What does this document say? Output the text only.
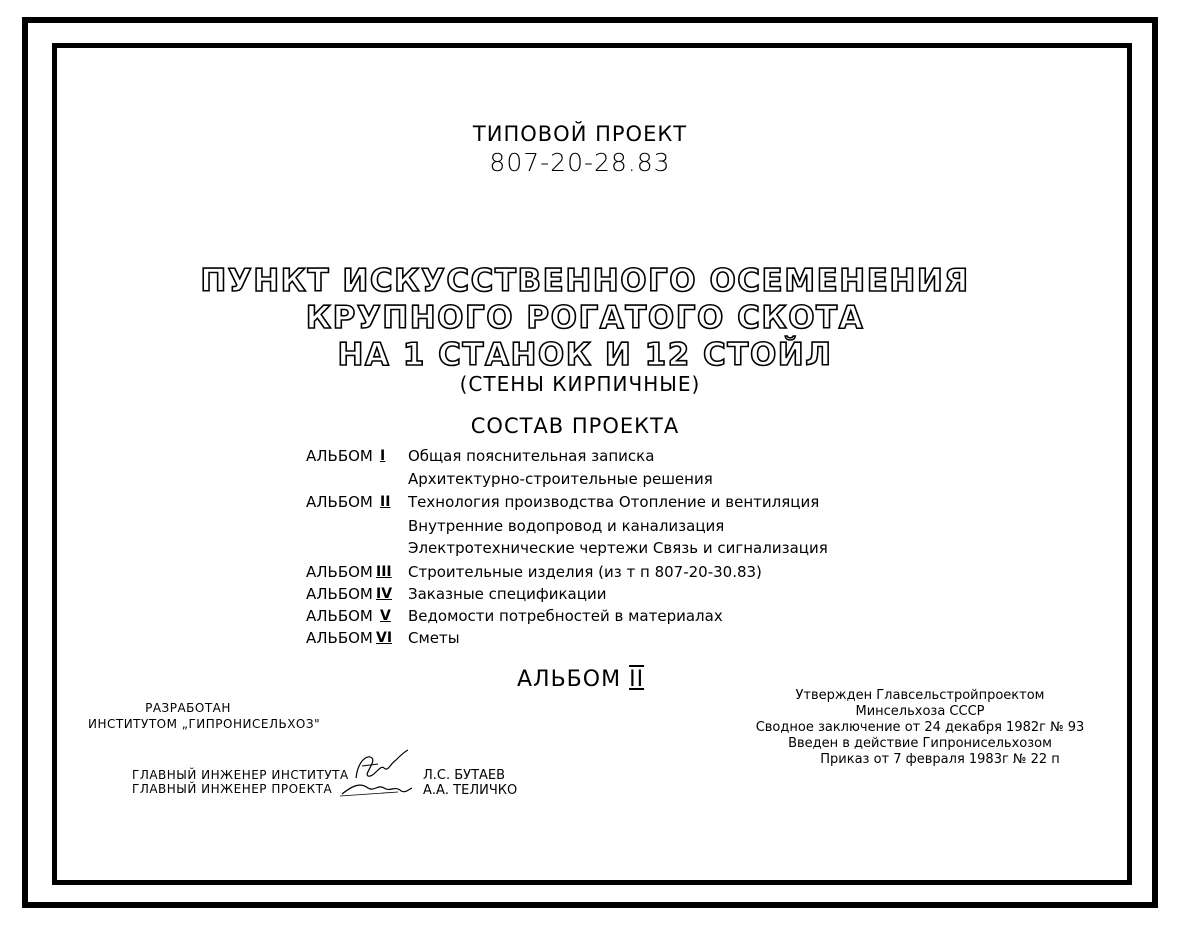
ТИПОВОЙ ПРОЕКТ
807-20-28.83
ПУНКТ ИСКУССТВЕННОГО ОСЕМЕНЕНИЯ
КРУПНОГО РОГАТОГО СКОТА
НА 1 СТАНОК И 12 СТОЙЛ
(СТЕНЫ КИРПИЧНЫЕ)
СОСТАВ ПРОЕКТА
АЛЬБОМ I Общая пояснительная записка
Архитектурно-строительные решения
АЛЬБОМ II Технология производства Отопление и вентиляция
Внутренние водопровод и канализация
Электротехнические чертежи Связь и сигнализация
АЛЬБОМ III Строительные изделия (из т п 807-20-30.83)
АЛЬБОМ IV Заказные спецификации
АЛЬБОМ V Ведомости потребностей в материалах
АЛЬБОМ VI Сметы
АЛЬБОМ II
РАЗРАБОТАН
ИНСТИТУТОМ „ГИПРОНИСЕЛЬХОЗ"
ГЛАВНЫЙ ИНЖЕНЕР ИНСТИТУТА
ГЛАВНЫЙ ИНЖЕНЕР ПРОЕКТА
Л.С. БУТАЕВ
А.А. ТЕЛИЧКО
Утвержден Главсельстройпроектом
Минсельхоза СССР
Сводное заключение от 24 декабря 1982г № 93
Введен в действие Гипронисельхозом
Приказ от 7 февраля 1983г № 22 п
